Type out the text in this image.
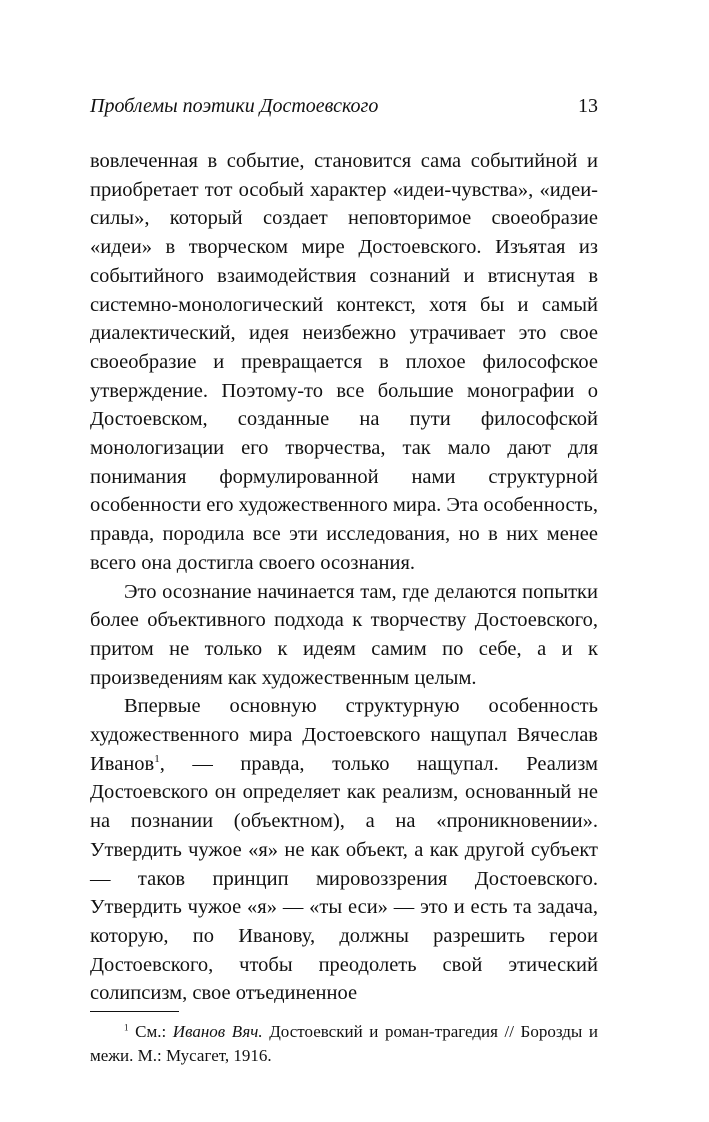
Проблемы поэтики Достоевского	13

вовлеченная в событие, становится сама событийной и приобретает тот особый характер «идеи-чувства», «идеи-силы», который создает неповторимое своеобразие «идеи» в творческом мире Достоевского. Изъятая из событийного взаимодействия сознаний и втиснутая в системно-монологический контекст, хотя бы и самый диалектический, идея неизбежно утрачивает это свое своеобразие и превращается в плохое философское утверждение. Поэтому-то все большие монографии о Достоевском, созданные на пути философской монологизации его творчества, так мало дают для понимания формулированной нами структурной особенности его художественного мира. Эта особенность, правда, породила все эти исследования, но в них менее всего она достигла своего осознания.

Это осознание начинается там, где делаются попытки более объективного подхода к творчеству Достоевского, притом не только к идеям самим по себе, а и к произведениям как художественным целым.

Впервые основную структурную особенность художественного мира Достоевского нащупал Вячеслав Иванов$^1$, — правда, только нащупал. Реализм Достоевского он определяет как реализм, основанный не на познании (объектном), а на «проникновении». Утвердить чужое «я» не как объект, а как другой субъект — таков принцип мировоззрения Достоевского. Утвердить чужое «я» — «ты еси» — это и есть та задача, которую, по Иванову, должны разрешить герои Достоевского, чтобы преодолеть свой этический солипсизм, свое отъединенное

$^1$ См.: Иванов Вяч. Достоевский и роман-трагедия // Борозды и межи. М.: Мусагет, 1916.
